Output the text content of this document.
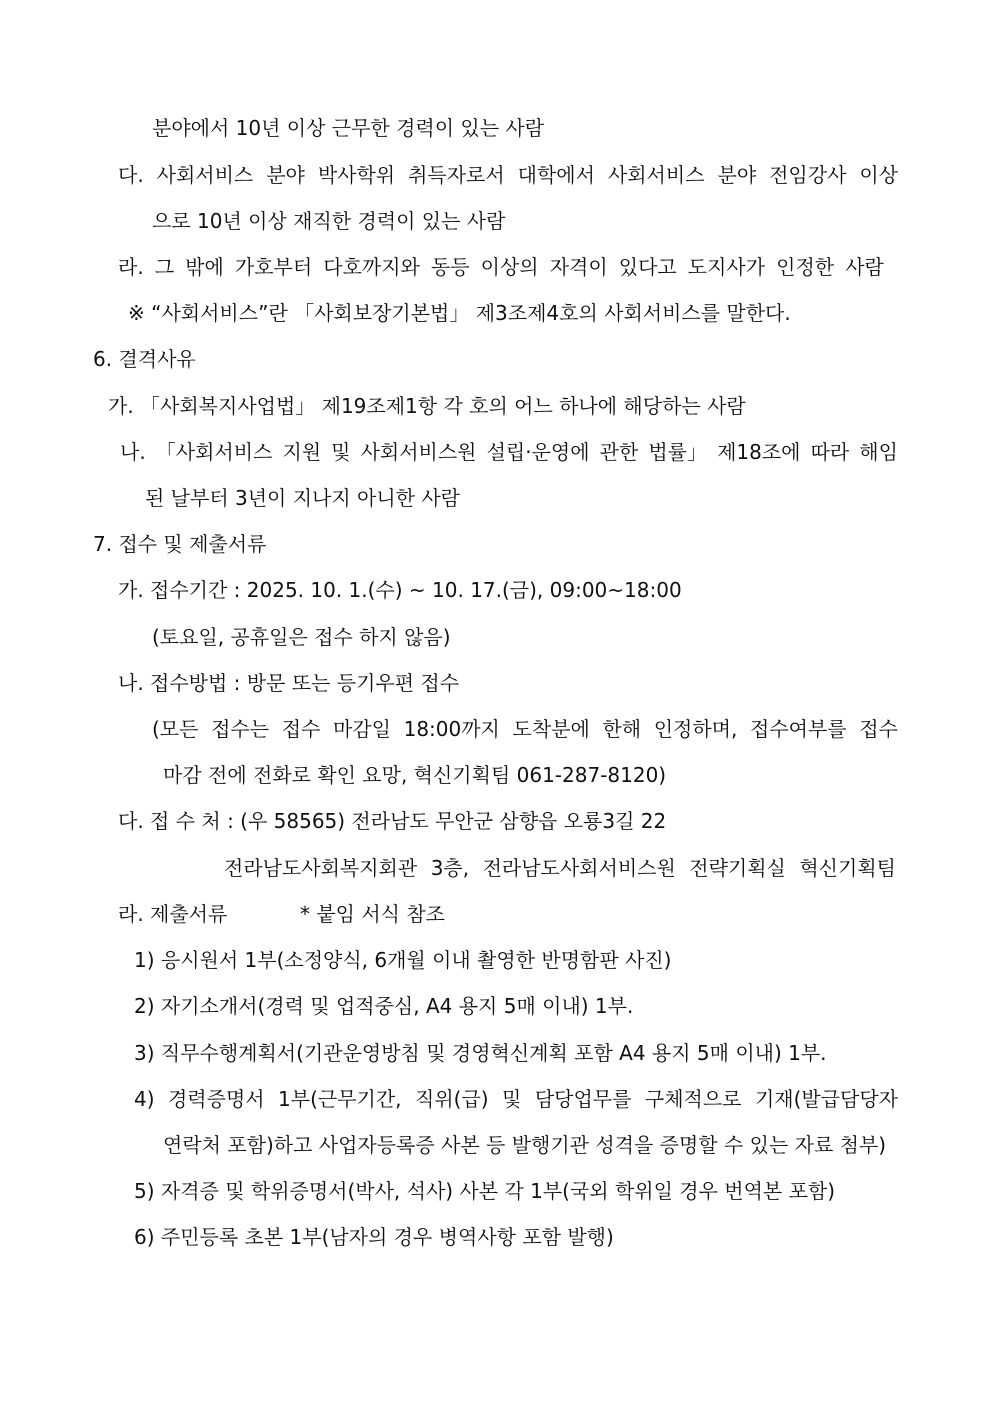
분야에서 10년 이상 근무한 경력이 있는 사람
다. 사회서비스 분야 박사학위 취득자로서 대학에서 사회서비스 분야 전임강사 이상
으로 10년 이상 재직한 경력이 있는 사람
라. 그 밖에 가호부터 다호까지와 동등 이상의 자격이 있다고 도지사가 인정한 사람
※ “사회서비스”란 「사회보장기본법」 제3조제4호의 사회서비스를 말한다.
6. 결격사유
가. 「사회복지사업법」 제19조제1항 각 호의 어느 하나에 해당하는 사람
나. 「사회서비스 지원 및 사회서비스원 설립·운영에 관한 법률」 제18조에 따라 해임
된 날부터 3년이 지나지 아니한 사람
7. 접수 및 제출서류
가. 접수기간 : 2025. 10. 1.(수) ~ 10. 17.(금), 09:00~18:00
(토요일, 공휴일은 접수 하지 않음)
나. 접수방법 : 방문 또는 등기우편 접수
(모든 접수는 접수 마감일 18:00까지 도착분에 한해 인정하며, 접수여부를 접수
마감 전에 전화로 확인 요망, 혁신기획팀 061-287-8120)
다. 접 수 처 : (우 58565) 전라남도 무안군 삼향읍 오룡3길 22
전라남도사회복지회관 3층, 전라남도사회서비스원 전략기획실 혁신기획팀
라. 제출서류	* 붙임 서식 참조
1) 응시원서 1부(소정양식, 6개월 이내 촬영한 반명함판 사진)
2) 자기소개서(경력 및 업적중심, A4 용지 5매 이내) 1부.
3) 직무수행계획서(기관운영방침 및 경영혁신계획 포함 A4 용지 5매 이내) 1부.
4) 경력증명서 1부(근무기간, 직위(급) 및 담당업무를 구체적으로 기재(발급담당자
연락처 포함)하고 사업자등록증 사본 등 발행기관 성격을 증명할 수 있는 자료 첨부)
5) 자격증 및 학위증명서(박사, 석사) 사본 각 1부(국외 학위일 경우 번역본 포함)
6) 주민등록 초본 1부(남자의 경우 병역사항 포함 발행)
